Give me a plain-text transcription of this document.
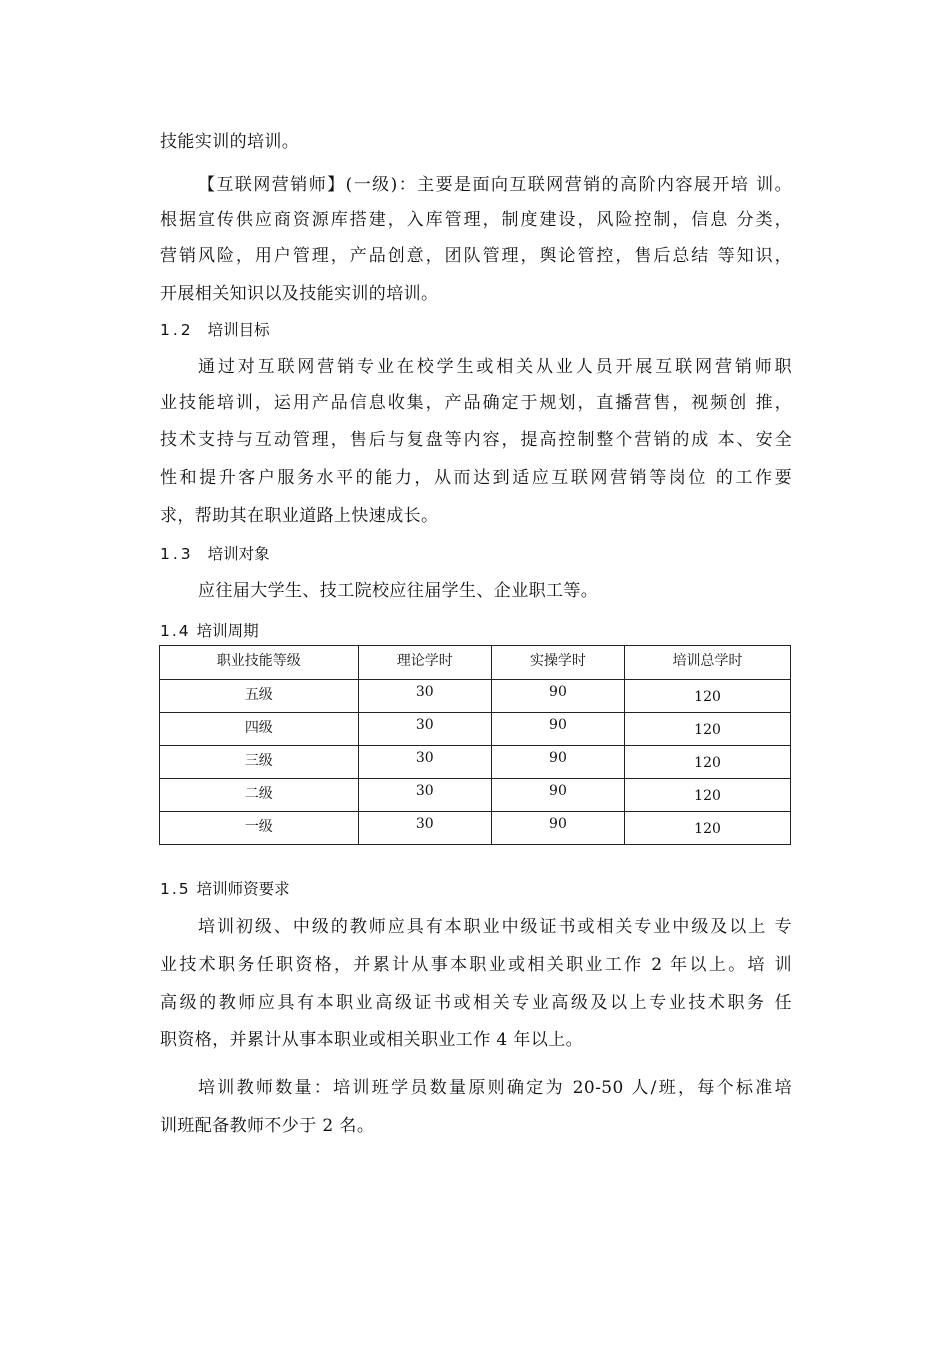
技能实训的培训。
【互联网营销师】(一级)：主要是面向互联网营销的高阶内容展开培 训。
根据宣传供应商资源库搭建，入库管理，制度建设，风险控制，信息 分类，
营销风险，用户管理，产品创意，团队管理，舆论管控，售后总结 等知识，
开展相关知识以及技能实训的培训。
1.2 培训目标
通过对互联网营销专业在校学生或相关从业人员开展互联网营销师职
业技能培训，运用产品信息收集，产品确定于规划，直播营售，视频创 推，
技术支持与互动管理，售后与复盘等内容，提高控制整个营销的成 本、安全
性和提升客户服务水平的能力，从而达到适应互联网营销等岗位 的工作要
求，帮助其在职业道路上快速成长。
1.3 培训对象
应往届大学生、技工院校应往届学生、企业职工等。
1.4 培训周期
职业技能等级	理论学时	实操学时	培训总学时

五级	30	90	120

四级	30	90	120

三级	30	90	120

二级	30	90	120

一级	30	90	120
1.5 培训师资要求
培训初级、中级的教师应具有本职业中级证书或相关专业中级及以上 专
业技术职务任职资格，并累计从事本职业或相关职业工作 2 年以上。培 训
高级的教师应具有本职业高级证书或相关专业高级及以上专业技术职务 任
职资格，并累计从事本职业或相关职业工作 4 年以上。
培训教师数量：培训班学员数量原则确定为 20-50 人/班，每个标准培
训班配备教师不少于 2 名。
